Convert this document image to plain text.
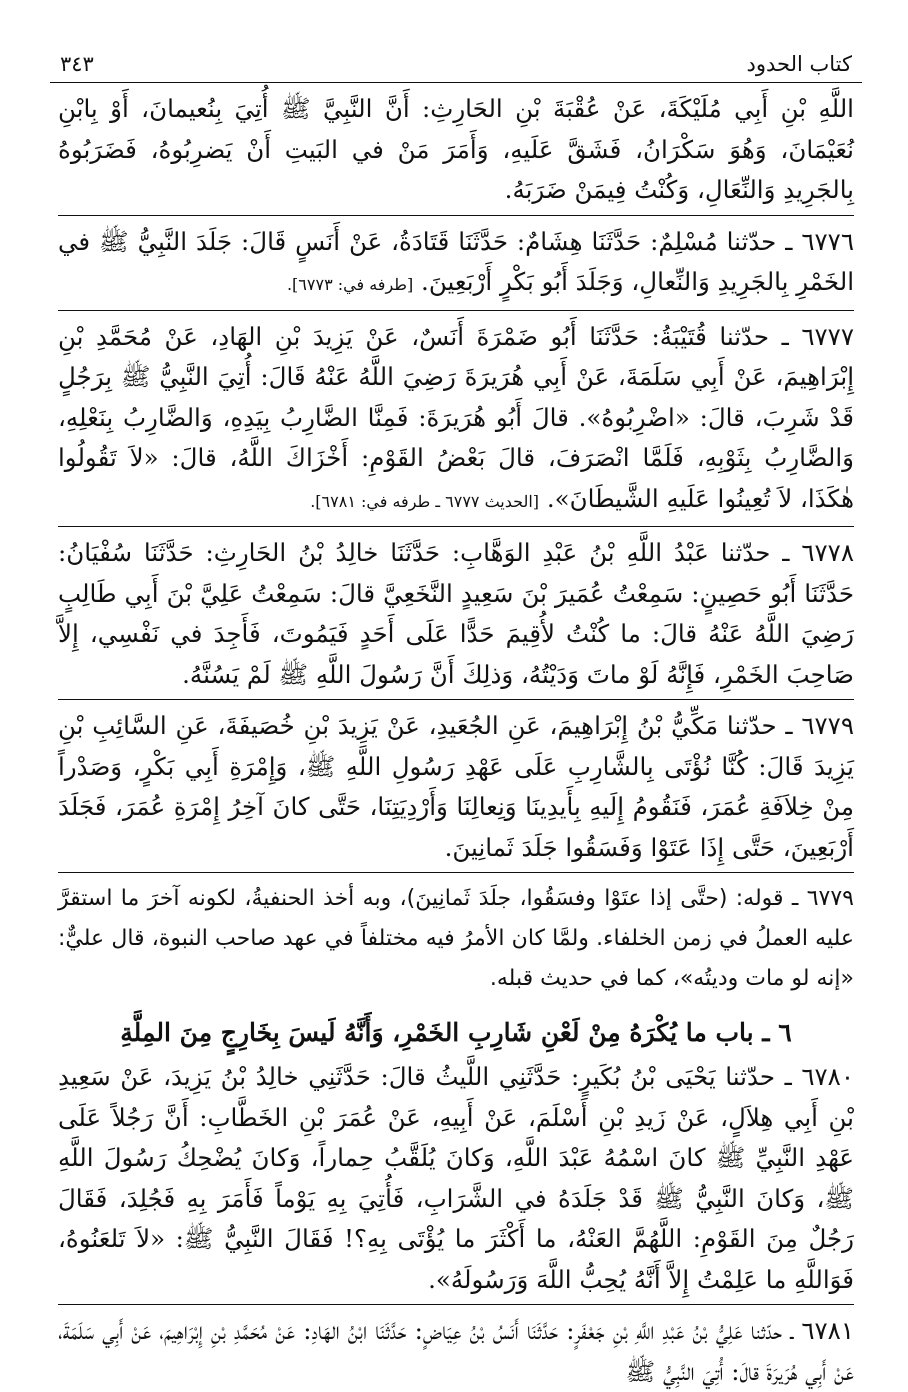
كتاب الحدود
٣٤٣

اللَّهِ بْنِ أَبِي مُلَيْكَةَ، عَنْ عُقْبَةَ بْنِ الحَارِثِ: أَنَّ النَّبِيَّ ﷺ أُتِيَ بِنُعيمانَ، أَوْ بِابْنِ نُعَيْمَانَ، وَهُوَ سَكْرَانُ، فَشَقَّ عَلَيهِ، وَأَمَرَ مَنْ في البَيتِ أَنْ يَضرِبُوهُ، فَضَرَبُوهُ بِالجَرِيدِ وَالنِّعَالِ، وَكُنْتُ فِيمَنْ ضَرَبَهُ.

٦٧٧٦ ـ حدّثنا مُسْلِمٌ: حَدَّثَنَا هِشَامٌ: حَدَّثَنَا قَتَادَةُ، عَنْ أَنَسٍ قَالَ: جَلَدَ النَّبِيُّ ﷺ في الخَمْرِ بِالجَرِيدِ وَالنِّعالِ، وَجَلَدَ أَبُو بَكْرٍ أَرْبَعِينَ. [طرفه في: ٦٧٧٣].

٦٧٧٧ ـ حدّثنا قُتَيْبَةُ: حَدَّثَنَا أَبُو ضَمْرَةَ أَنَسٌ، عَنْ يَزِيدَ بْنِ الهَادِ، عَنْ مُحَمَّدِ بْنِ إِبْرَاهِيمَ، عَنْ أَبِي سَلَمَةَ، عَنْ أَبِي هُرَيرَةَ رَضِيَ اللَّهُ عَنْهُ قَالَ: أُتِيَ النَّبِيُّ ﷺ بِرَجُلٍ قَدْ شَرِبَ، قالَ: «اضْرِبُوهُ». قالَ أَبُو هُرَيرَةَ: فَمِنَّا الضَّارِبُ بِيَدِهِ، وَالضَّارِبُ بِنَعْلِهِ، وَالضَّارِبُ بِثَوْبِهِ، فَلَمَّا انْصَرَفَ، قالَ بَعْضُ القَوْمِ: أَخْزَاكَ اللَّهُ، قالَ: «لاَ تَقُولُوا هٰكَذَا، لاَ تُعِينُوا عَلَيهِ الشَّيطَانَ». [الحديث ٦٧٧٧ ـ طرفه في: ٦٧٨١].

٦٧٧٨ ـ حدّثنا عَبْدُ اللَّهِ بْنُ عَبْدِ الوَهَّابِ: حَدَّثَنَا خالِدُ بْنُ الحَارِثِ: حَدَّثَنَا سُفْيَانُ: حَدَّثَنَا أَبُو حَصِينٍ: سَمِعْتُ عُمَيرَ بْنَ سَعِيدٍ النَّخَعِيَّ قالَ: سَمِعْتُ عَلِيَّ بْنَ أَبِي طَالِبٍ رَضِيَ اللَّهُ عَنْهُ قالَ: ما كُنْتُ لأُقِيمَ حَدًّا عَلَى أَحَدٍ فَيَمُوتَ، فَأَجِدَ في نَفْسِي، إِلاَّ صَاحِبَ الخَمْرِ، فَإِنَّهُ لَوْ ماتَ وَدَيْتُهُ، وَذلِكَ أَنَّ رَسُولَ اللَّهِ ﷺ لَمْ يَسُنَّهُ.

٦٧٧٩ ـ حدّثنا مَكِّيُّ بْنُ إِبْرَاهِيمَ، عَنِ الجُعَيدِ، عَنْ يَزِيدَ بْنِ خُصَيفَةَ، عَنِ السَّائِبِ بْنِ يَزِيدَ قَالَ: كُنَّا نُؤْتَى بِالشَّارِبِ عَلَى عَهْدِ رَسُولِ اللَّهِ ﷺ، وَإِمْرَةِ أَبِي بَكْرٍ، وَصَدْراً مِنْ خِلاَفَةِ عُمَرَ، فَنَقُومُ إِلَيهِ بِأَيدِينَا وَنِعالِنَا وَأَرْدِيَتِنَا، حَتَّى كانَ آخِرُ إِمْرَةِ عُمَرَ، فَجَلَدَ أَرْبَعِينَ، حَتَّى إِذَا عَتَوْا وَفَسَقُوا جَلَدَ ثَمانِينَ.

٦٧٧٩ ـ قوله: (حتَّى إذا عتَوْا وفسَقُوا، جلَدَ ثَمانِينَ)، وبه أخذ الحنفيةُ، لكونه آخرَ ما استقرَّ عليه العملُ في زمن الخلفاء. ولمَّا كان الأمرُ فيه مختلفاً في عهد صاحب النبوة، قال عليٌّ: «إنه لو مات وديتُه»، كما في حديث قبله.

٦ ـ باب ما يُكْرَهُ مِنْ لَعْنِ شَارِبِ الخَمْرِ، وَأَنَّهُ لَيسَ بِخَارِجٍ مِنَ المِلَّةِ

٦٧٨٠ ـ حدّثنا يَحْيَى بْنُ بُكَيرٍ: حَدَّثَنِي اللَّيثُ قالَ: حَدَّثَنِي خالِدُ بْنُ يَزِيدَ، عَنْ سَعِيدِ بْنِ أَبِي هِلاَلٍ، عَنْ زَيدِ بْنِ أَسْلَمَ، عَنْ أَبِيهِ، عَنْ عُمَرَ بْنِ الخَطَّابِ: أَنَّ رَجُلاً عَلَى عَهْدِ النَّبِيِّ ﷺ كانَ اسْمُهُ عَبْدَ اللَّهِ، وَكانَ يُلَقَّبُ حِماراً، وَكانَ يُضْحِكُ رَسُولَ اللَّهِ ﷺ، وَكانَ النَّبِيُّ ﷺ قَدْ جَلَدَهُ في الشَّرَابِ، فَأُتِيَ بِهِ يَوْماً فَأَمَرَ بِهِ فَجُلِدَ، فَقَالَ رَجُلٌ مِنَ القَوْمِ: اللَّهُمَّ العَنْهُ، ما أَكْثَرَ ما يُؤْتَى بِهِ؟! فَقَالَ النَّبِيُّ ﷺ: «لاَ تَلعَنُوهُ، فَوَاللَّهِ ما عَلِمْتُ إِلاَّ أَنَّهُ يُحِبُّ اللَّهَ وَرَسُولَهُ».

٦٧٨١ ـ حدّثنا عَلِيُّ بْنُ عَبْدِ اللَّهِ بْنِ جَعْفَرٍ: حَدَّثَنَا أَنَسُ بْنُ عِيَاضٍ: حَدَّثَنَا ابْنُ الهَادِ: عَنْ مُحَمَّدِ بْنِ إِبْرَاهِيمَ، عَنْ أَبِي سَلَمَةَ، عَنْ أَبِي هُرَيرَةَ قالَ: أُتِيَ النَّبِيُّ ﷺ
